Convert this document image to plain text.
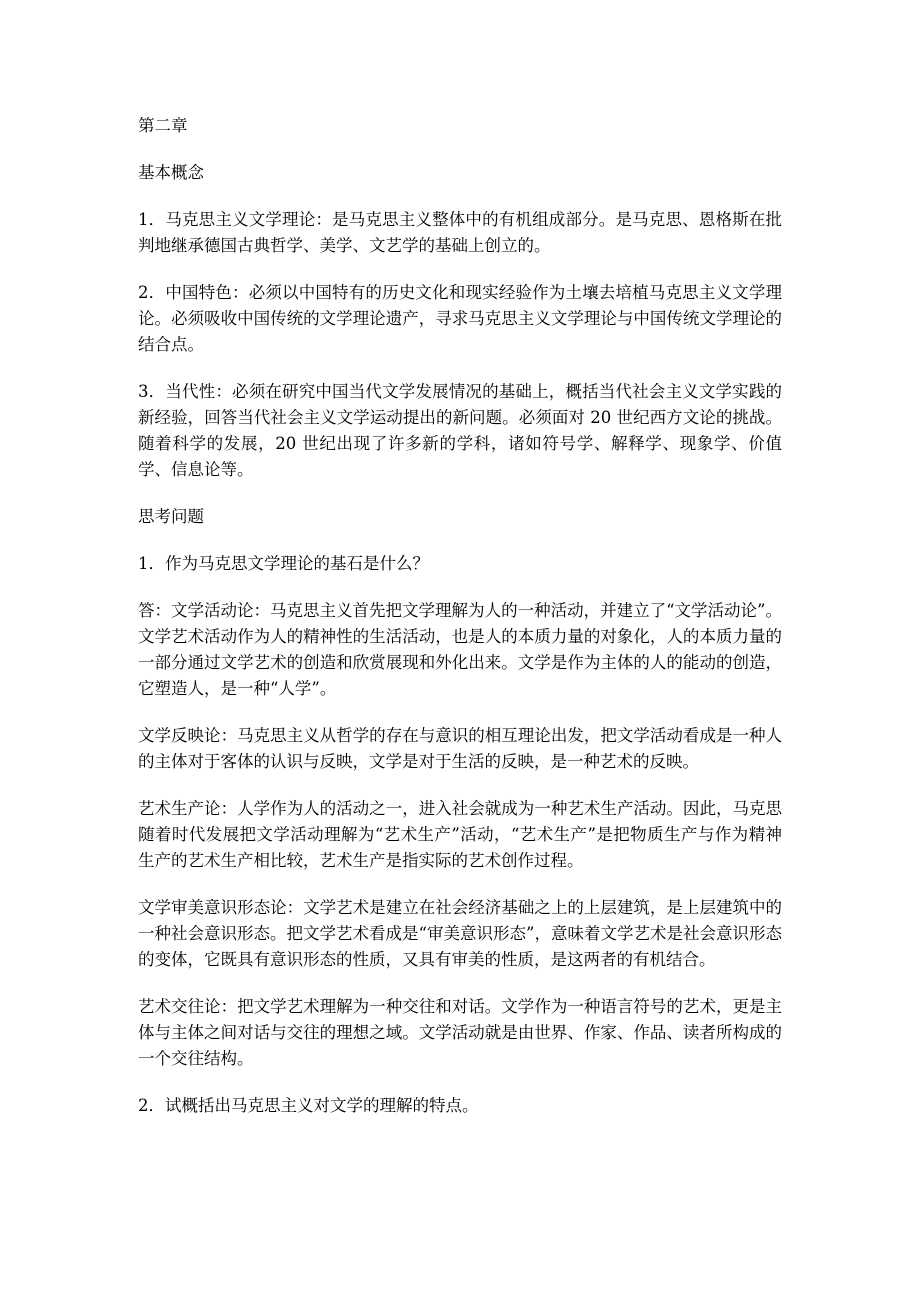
第二章

基本概念

1．马克思主义文学理论：是马克思主义整体中的有机组成部分。是马克思、恩格斯在批判地继承德国古典哲学、美学、文艺学的基础上创立的。

2．中国特色：必须以中国特有的历史文化和现实经验作为土壤去培植马克思主义文学理论。必须吸收中国传统的文学理论遗产，寻求马克思主义文学理论与中国传统文学理论的结合点。

3．当代性：必须在研究中国当代文学发展情况的基础上，概括当代社会主义文学实践的新经验，回答当代社会主义文学运动提出的新问题。必须面对 20 世纪西方文论的挑战。随着科学的发展，20 世纪出现了许多新的学科，诸如符号学、解释学、现象学、价值学、信息论等。

思考问题

1．作为马克思文学理论的基石是什么？

答：文学活动论：马克思主义首先把文学理解为人的一种活动，并建立了“文学活动论”。文学艺术活动作为人的精神性的生活活动，也是人的本质力量的对象化，人的本质力量的一部分通过文学艺术的创造和欣赏展现和外化出来。文学是作为主体的人的能动的创造，它塑造人，是一种“人学”。

文学反映论：马克思主义从哲学的存在与意识的相互理论出发，把文学活动看成是一种人的主体对于客体的认识与反映，文学是对于生活的反映，是一种艺术的反映。

艺术生产论：人学作为人的活动之一，进入社会就成为一种艺术生产活动。因此，马克思随着时代发展把文学活动理解为“艺术生产”活动，“艺术生产”是把物质生产与作为精神生产的艺术生产相比较，艺术生产是指实际的艺术创作过程。

文学审美意识形态论：文学艺术是建立在社会经济基础之上的上层建筑，是上层建筑中的一种社会意识形态。把文学艺术看成是“审美意识形态”，意味着文学艺术是社会意识形态的变体，它既具有意识形态的性质，又具有审美的性质，是这两者的有机结合。

艺术交往论：把文学艺术理解为一种交往和对话。文学作为一种语言符号的艺术，更是主体与主体之间对话与交往的理想之域。文学活动就是由世界、作家、作品、读者所构成的一个交往结构。

2．试概括出马克思主义对文学的理解的特点。
